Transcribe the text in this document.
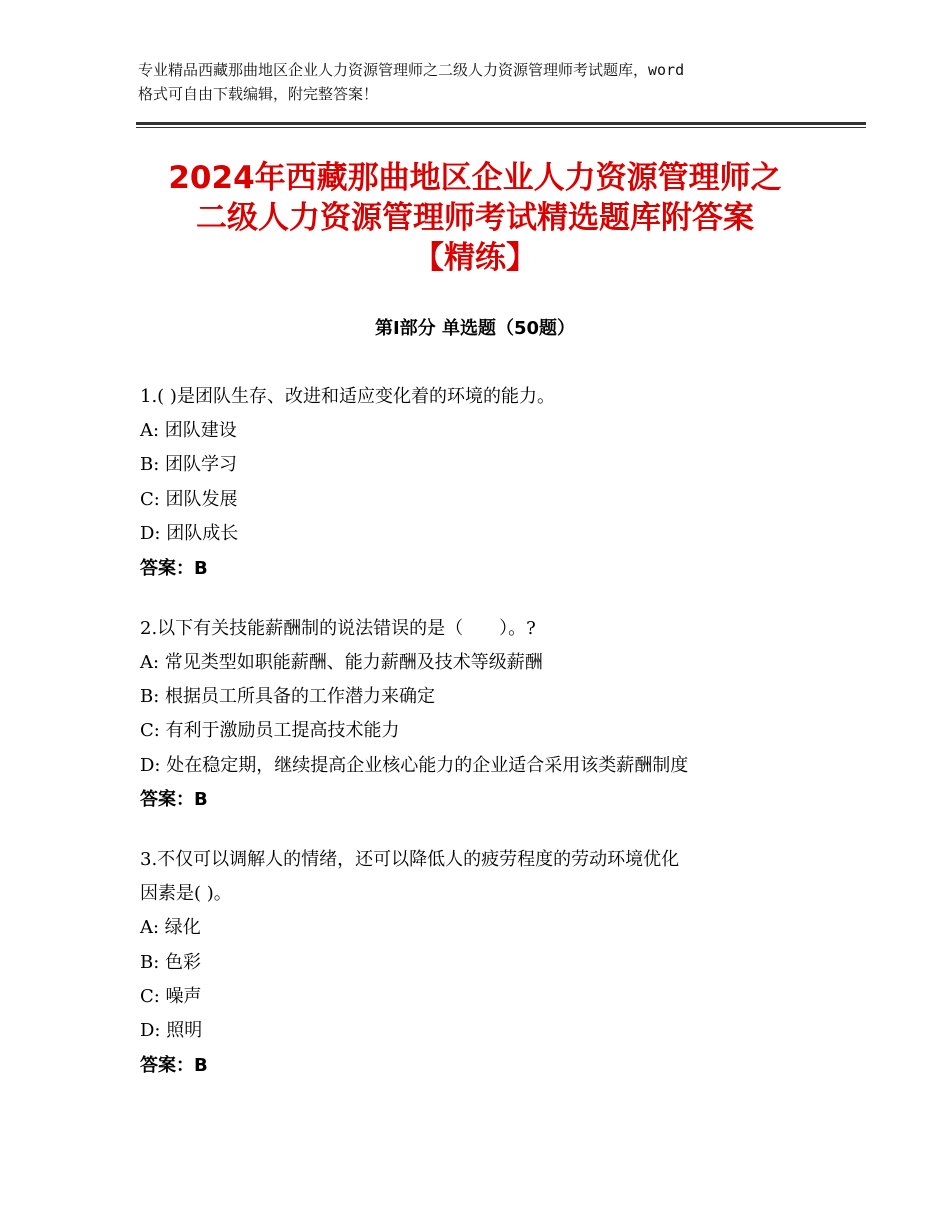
专业精品西藏那曲地区企业人力资源管理师之二级人力资源管理师考试题库，word
格式可自由下载编辑，附完整答案！
2024年西藏那曲地区企业人力资源管理师之
二级人力资源管理师考试精选题库附答案
【精练】
第Ⅰ部分 单选题（50题）
1.( )是团队生存、改进和适应变化着的环境的能力。
A: 团队建设
B: 团队学习
C: 团队发展
D: 团队成长
答案：B
2.以下有关技能薪酬制的说法错误的是（　　）。?
A: 常见类型如职能薪酬、能力薪酬及技术等级薪酬
B: 根据员工所具备的工作潜力来确定
C: 有利于激励员工提高技术能力
D: 处在稳定期，继续提高企业核心能力的企业适合采用该类薪酬制度
答案：B
3.不仅可以调解人的情绪，还可以降低人的疲劳程度的劳动环境优化
因素是( )。
A: 绿化
B: 色彩
C: 噪声
D: 照明
答案：B
